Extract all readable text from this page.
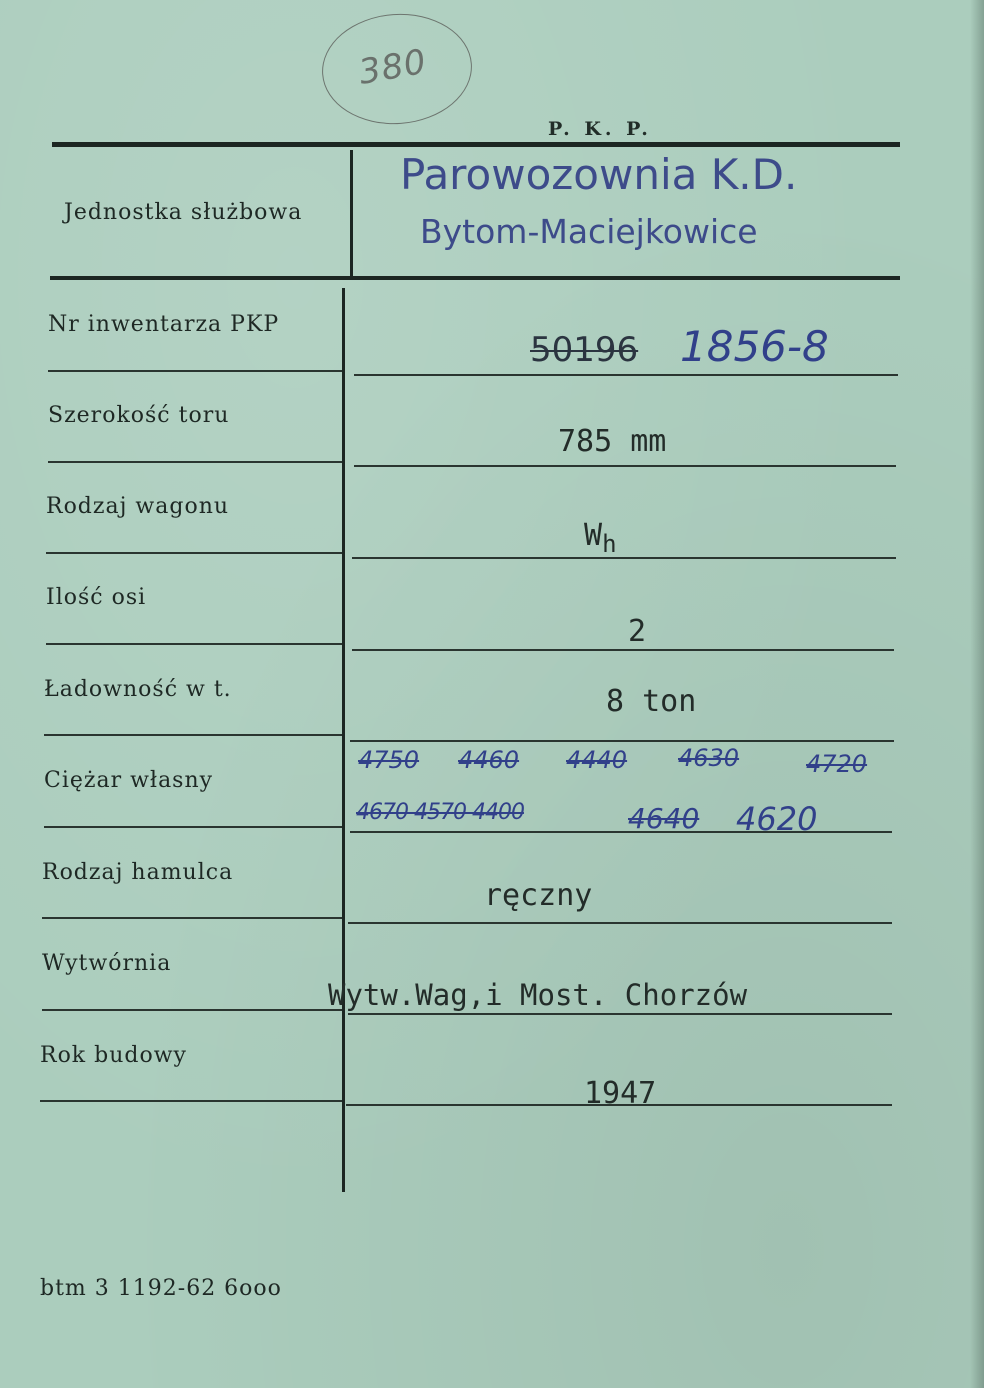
380
P. K. P.
Jednostka służbowa
Parowozownia K.D.
Bytom-Maciejkowice
Nr inwentarza PKP
Szerokość toru
Rodzaj wagonu
Ilość osi
Ładowność w t.
Ciężar własny
Rodzaj hamulca
Wytwórnia
Rok budowy
50196 1856-8
785 mm
$W_h$
2
8 ton
4750 4460 4440 4630	4720
4670 4570 4400	4640 4620
ręczny
Wytw.Wag,i Most. Chorzów
1947
btm 3 1192-62 6ooo
